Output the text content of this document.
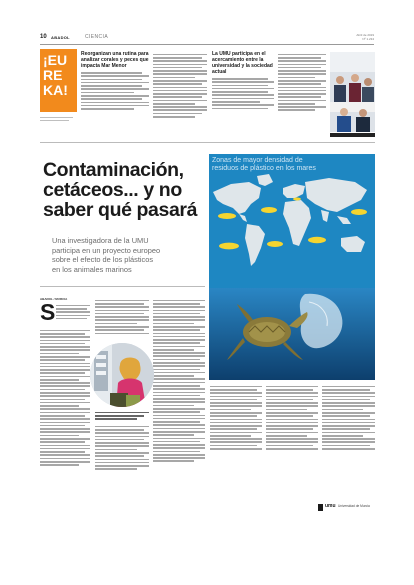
10 ABADOL	CIENCIA	Abril de 2019
Nº 1.234
¡EU
RE
KA!
Reorganizan una rutina para analizar corales y peces que impacta Mar Menor
La UMU participa en el acercamiento entre la universidad y la sociedad actual
Contaminación,
cetáceos... y no
saber qué pasará
Una investigadora de la UMU
participa en un proyecto europeo
sobre el efecto de los plásticos
en los animales marinos
Zonas de mayor densidad de
residuos de plástico en los mares
ABADOL / MURCIA
S
umu Universidad de Murcia
